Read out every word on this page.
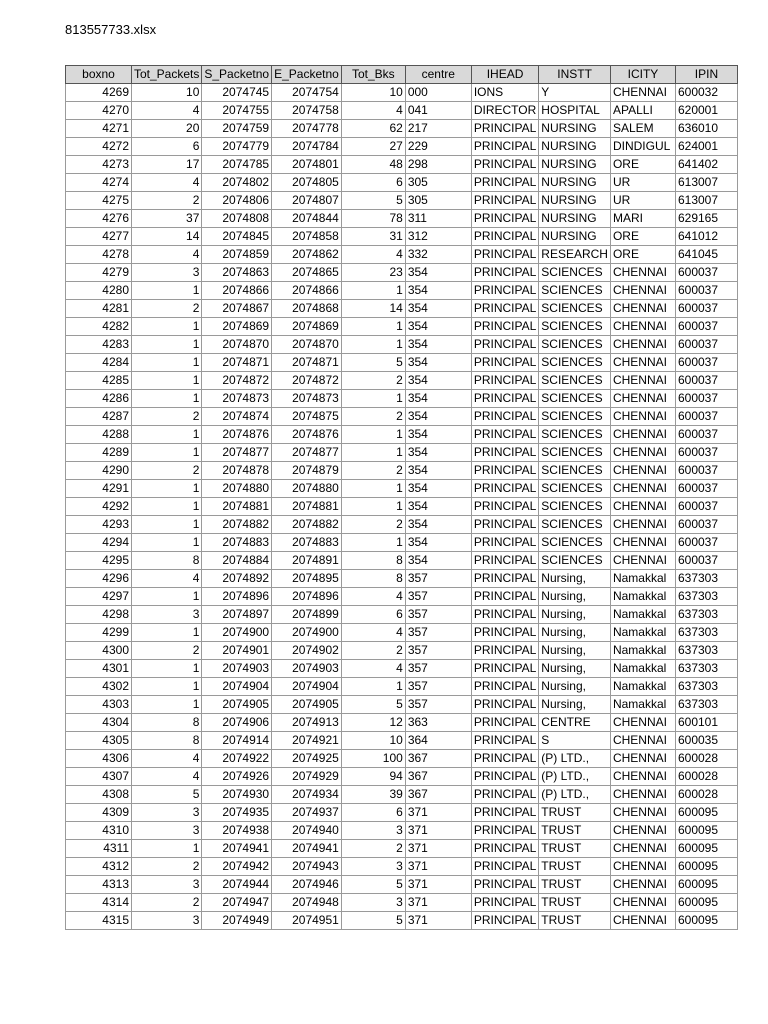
813557733.xlsx
boxno	Tot_Packets	S_Packetno	E_Packetno	Tot_Bks	centre	IHEAD	INSTT	ICITY	IPIN
4269	10	2074745	2074754	10	000	IONS	Y	CHENNAI	600032
4270	4	2074755	2074758	4	041	DIRECTOR	HOSPITAL	APALLI	620001
4271	20	2074759	2074778	62	217	PRINCIPAL	NURSING	SALEM	636010
4272	6	2074779	2074784	27	229	PRINCIPAL	NURSING	DINDIGUL	624001
4273	17	2074785	2074801	48	298	PRINCIPAL	NURSING	ORE	641402
4274	4	2074802	2074805	6	305	PRINCIPAL	NURSING	UR	613007
4275	2	2074806	2074807	5	305	PRINCIPAL	NURSING	UR	613007
4276	37	2074808	2074844	78	311	PRINCIPAL	NURSING	MARI	629165
4277	14	2074845	2074858	31	312	PRINCIPAL	NURSING	ORE	641012
4278	4	2074859	2074862	4	332	PRINCIPAL	RESEARCH	ORE	641045
4279	3	2074863	2074865	23	354	PRINCIPAL	SCIENCES	CHENNAI	600037
4280	1	2074866	2074866	1	354	PRINCIPAL	SCIENCES	CHENNAI	600037
4281	2	2074867	2074868	14	354	PRINCIPAL	SCIENCES	CHENNAI	600037
4282	1	2074869	2074869	1	354	PRINCIPAL	SCIENCES	CHENNAI	600037
4283	1	2074870	2074870	1	354	PRINCIPAL	SCIENCES	CHENNAI	600037
4284	1	2074871	2074871	5	354	PRINCIPAL	SCIENCES	CHENNAI	600037
4285	1	2074872	2074872	2	354	PRINCIPAL	SCIENCES	CHENNAI	600037
4286	1	2074873	2074873	1	354	PRINCIPAL	SCIENCES	CHENNAI	600037
4287	2	2074874	2074875	2	354	PRINCIPAL	SCIENCES	CHENNAI	600037
4288	1	2074876	2074876	1	354	PRINCIPAL	SCIENCES	CHENNAI	600037
4289	1	2074877	2074877	1	354	PRINCIPAL	SCIENCES	CHENNAI	600037
4290	2	2074878	2074879	2	354	PRINCIPAL	SCIENCES	CHENNAI	600037
4291	1	2074880	2074880	1	354	PRINCIPAL	SCIENCES	CHENNAI	600037
4292	1	2074881	2074881	1	354	PRINCIPAL	SCIENCES	CHENNAI	600037
4293	1	2074882	2074882	2	354	PRINCIPAL	SCIENCES	CHENNAI	600037
4294	1	2074883	2074883	1	354	PRINCIPAL	SCIENCES	CHENNAI	600037
4295	8	2074884	2074891	8	354	PRINCIPAL	SCIENCES	CHENNAI	600037
4296	4	2074892	2074895	8	357	PRINCIPAL	Nursing,	Namakkal	637303
4297	1	2074896	2074896	4	357	PRINCIPAL	Nursing,	Namakkal	637303
4298	3	2074897	2074899	6	357	PRINCIPAL	Nursing,	Namakkal	637303
4299	1	2074900	2074900	4	357	PRINCIPAL	Nursing,	Namakkal	637303
4300	2	2074901	2074902	2	357	PRINCIPAL	Nursing,	Namakkal	637303
4301	1	2074903	2074903	4	357	PRINCIPAL	Nursing,	Namakkal	637303
4302	1	2074904	2074904	1	357	PRINCIPAL	Nursing,	Namakkal	637303
4303	1	2074905	2074905	5	357	PRINCIPAL	Nursing,	Namakkal	637303
4304	8	2074906	2074913	12	363	PRINCIPAL	CENTRE	CHENNAI	600101
4305	8	2074914	2074921	10	364	PRINCIPAL	S	CHENNAI	600035
4306	4	2074922	2074925	100	367	PRINCIPAL	(P) LTD.,	CHENNAI	600028
4307	4	2074926	2074929	94	367	PRINCIPAL	(P) LTD.,	CHENNAI	600028
4308	5	2074930	2074934	39	367	PRINCIPAL	(P) LTD.,	CHENNAI	600028
4309	3	2074935	2074937	6	371	PRINCIPAL	TRUST	CHENNAI	600095
4310	3	2074938	2074940	3	371	PRINCIPAL	TRUST	CHENNAI	600095
4311	1	2074941	2074941	2	371	PRINCIPAL	TRUST	CHENNAI	600095
4312	2	2074942	2074943	3	371	PRINCIPAL	TRUST	CHENNAI	600095
4313	3	2074944	2074946	5	371	PRINCIPAL	TRUST	CHENNAI	600095
4314	2	2074947	2074948	3	371	PRINCIPAL	TRUST	CHENNAI	600095
4315	3	2074949	2074951	5	371	PRINCIPAL	TRUST	CHENNAI	600095
